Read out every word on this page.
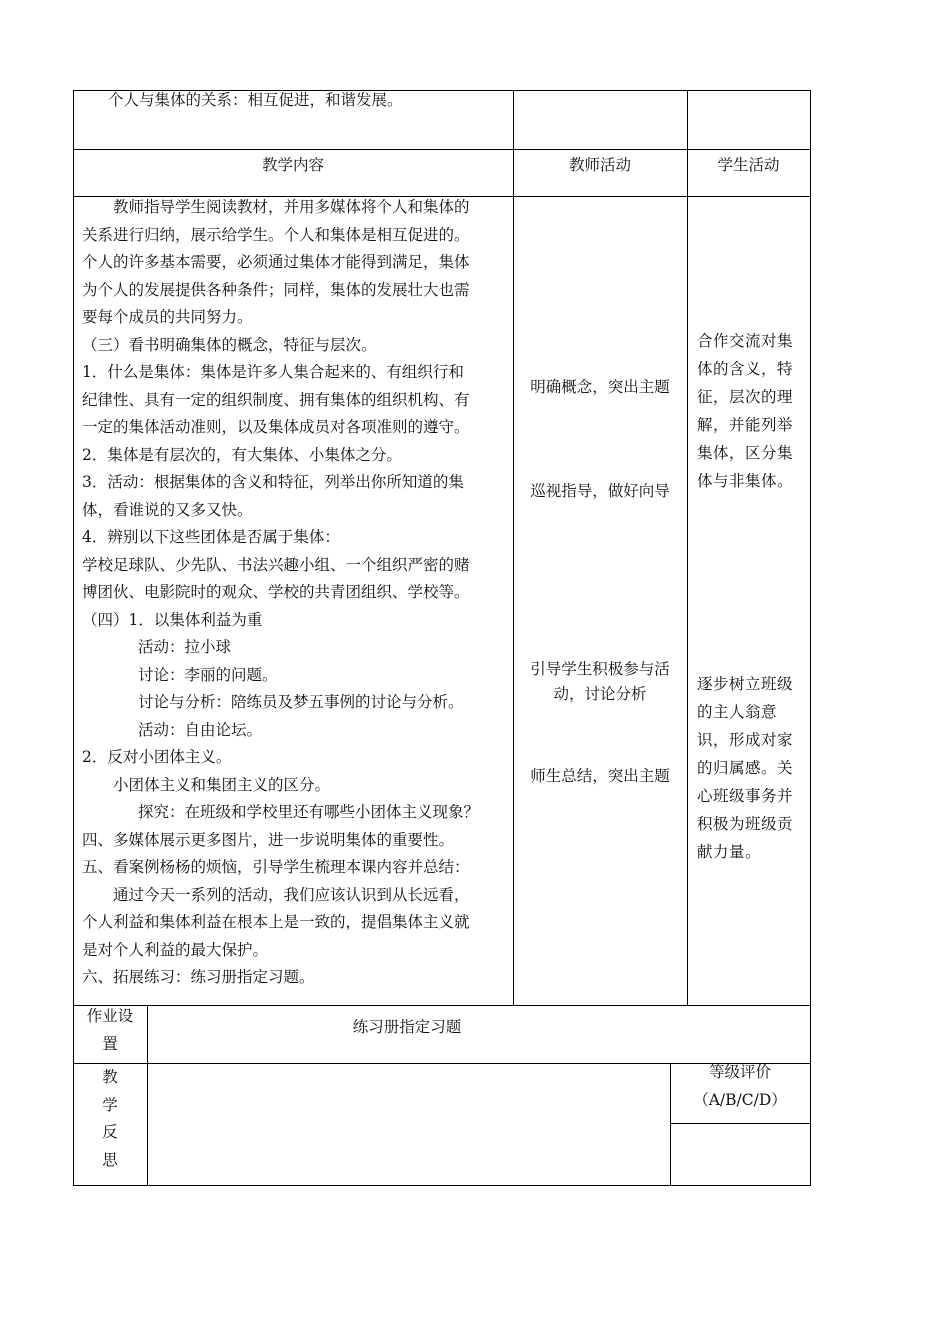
个人与集体的关系：相互促进，和谐发展。
教学内容	教师活动	学生活动
教师指导学生阅读教材，并用多媒体将个人和集体的
关系进行归纳，展示给学生。个人和集体是相互促进的。
个人的许多基本需要，必须通过集体才能得到满足，集体
为个人的发展提供各种条件；同样，集体的发展壮大也需
要每个成员的共同努力。
（三）看书明确集体的概念，特征与层次。
1．什么是集体：集体是许多人集合起来的、有组织行和
纪律性、具有一定的组织制度、拥有集体的组织机构、有
一定的集体活动准则，以及集体成员对各项准则的遵守。
2．集体是有层次的，有大集体、小集体之分。
3．活动：根据集体的含义和特征，列举出你所知道的集
体，看谁说的又多又快。
4．辨别以下这些团体是否属于集体：
学校足球队、少先队、书法兴趣小组、一个组织严密的赌
博团伙、电影院时的观众、学校的共青团组织、学校等。
（四）1．以集体利益为重
活动：拉小球
讨论：李丽的问题。
讨论与分析：陪练员及梦五事例的讨论与分析。
活动：自由论坛。
2．反对小团体主义。
小团体主义和集团主义的区分。
探究：在班级和学校里还有哪些小团体主义现象？
四、多媒体展示更多图片，进一步说明集体的重要性。
五、看案例杨杨的烦恼，引导学生梳理本课内容并总结：
通过今天一系列的活动，我们应该认识到从长远看，
个人利益和集体利益在根本上是一致的，提倡集体主义就
是对个人利益的最大保护。
六、拓展练习：练习册指定习题。
明确概念，突出主题
巡视指导，做好向导
引导学生积极参与活
动，讨论分析
师生总结，突出主题
合作交流对集
体的含义，特
征，层次的理
解，并能列举
集体，区分集
体与非集体。
逐步树立班级
的主人翁意
识，形成对家
的归属感。关
心班级事务并
积极为班级贡
献力量。
作业设
置
练习册指定习题
教
学
反
思
等级评价
（A/B/C/D）
